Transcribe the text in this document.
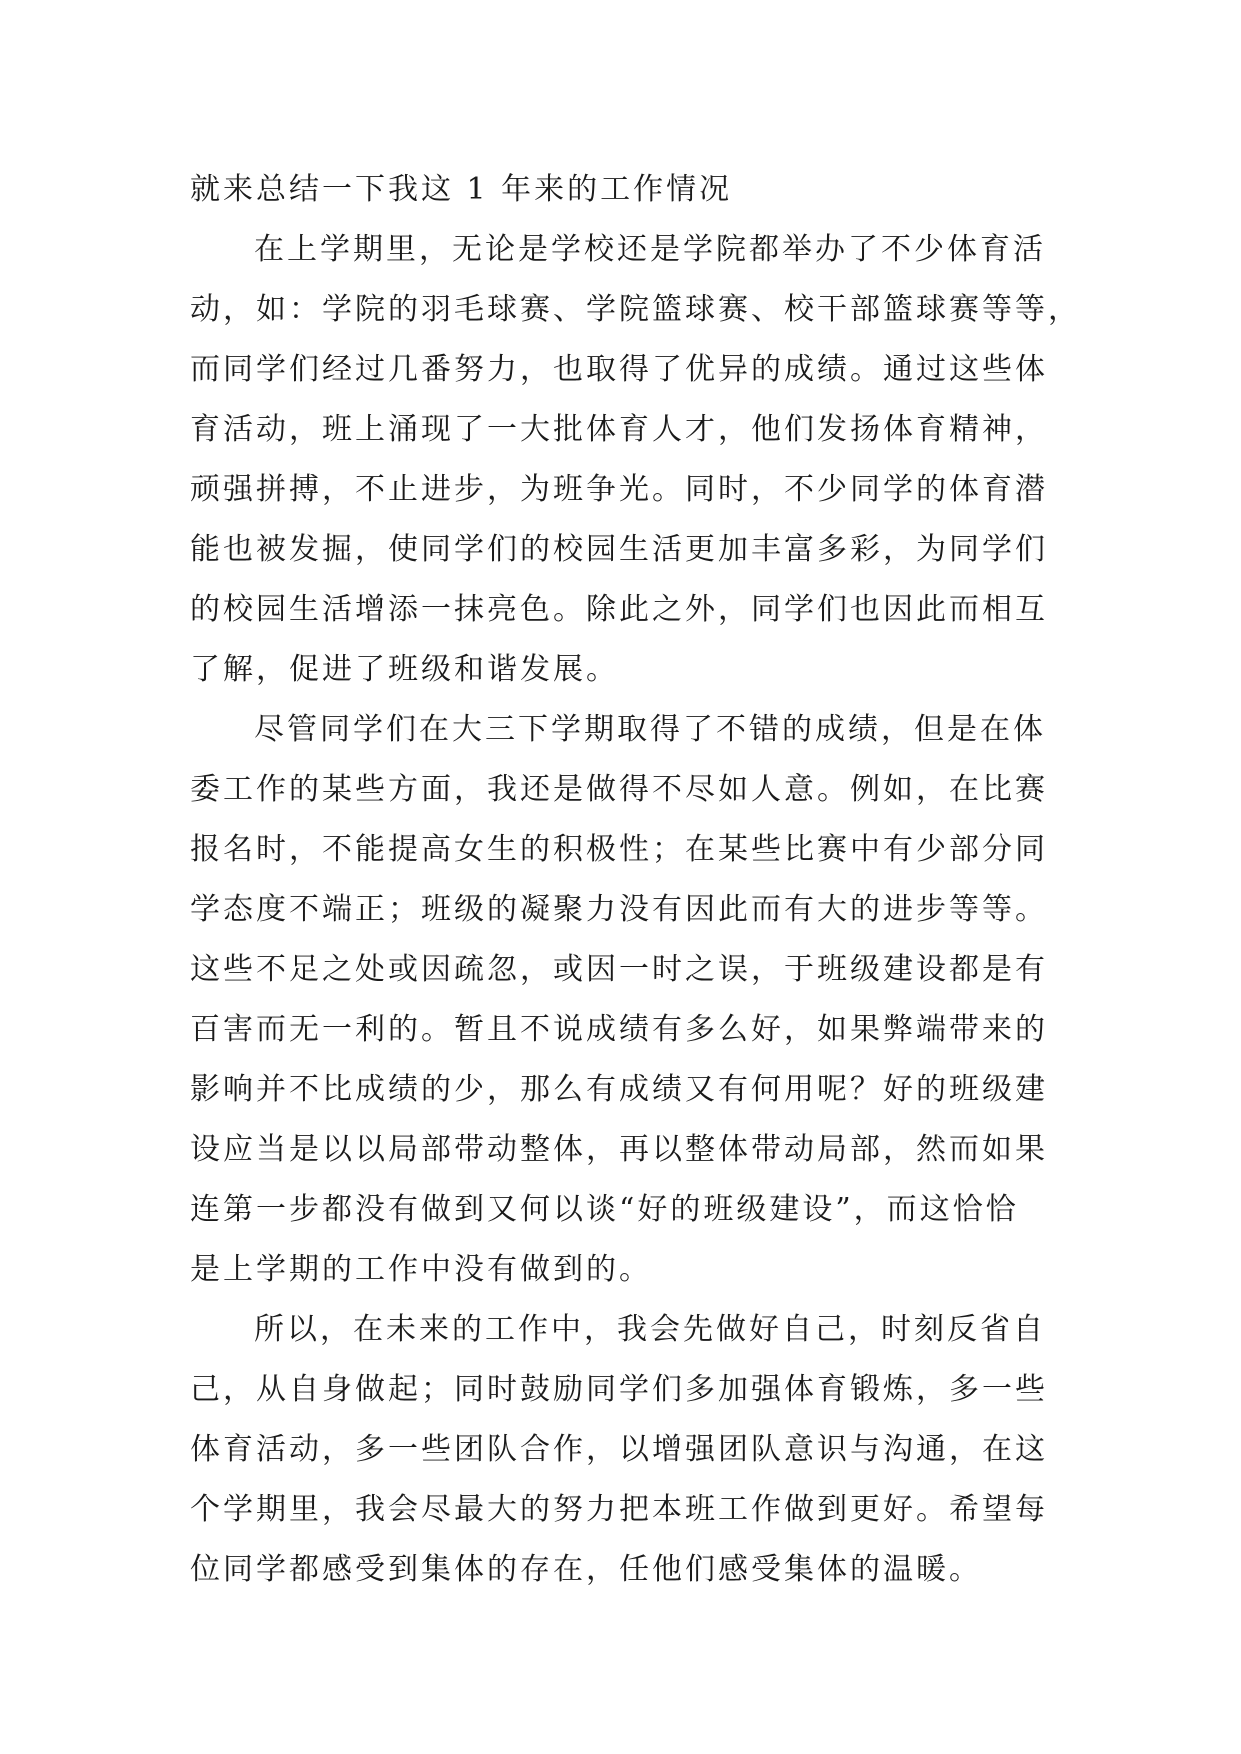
就来总结一下我这 1 年来的工作情况
在上学期里，无论是学校还是学院都举办了不少体育活
动，如：学院的羽毛球赛、学院篮球赛、校干部篮球赛等等，
而同学们经过几番努力，也取得了优异的成绩。通过这些体
育活动，班上涌现了一大批体育人才，他们发扬体育精神，
顽强拼搏，不止进步，为班争光。同时，不少同学的体育潜
能也被发掘，使同学们的校园生活更加丰富多彩，为同学们
的校园生活增添一抹亮色。除此之外，同学们也因此而相互
了解，促进了班级和谐发展。
尽管同学们在大三下学期取得了不错的成绩，但是在体
委工作的某些方面，我还是做得不尽如人意。例如，在比赛
报名时，不能提高女生的积极性；在某些比赛中有少部分同
学态度不端正；班级的凝聚力没有因此而有大的进步等等。
这些不足之处或因疏忽，或因一时之误，于班级建设都是有
百害而无一利的。暂且不说成绩有多么好，如果弊端带来的
影响并不比成绩的少，那么有成绩又有何用呢？好的班级建
设应当是以以局部带动整体，再以整体带动局部，然而如果
连第一步都没有做到又何以谈“好的班级建设”，而这恰恰
是上学期的工作中没有做到的。
所以，在未来的工作中，我会先做好自己，时刻反省自
己，从自身做起；同时鼓励同学们多加强体育锻炼，多一些
体育活动，多一些团队合作，以增强团队意识与沟通，在这
个学期里，我会尽最大的努力把本班工作做到更好。希望每
位同学都感受到集体的存在，任他们感受集体的温暖。
